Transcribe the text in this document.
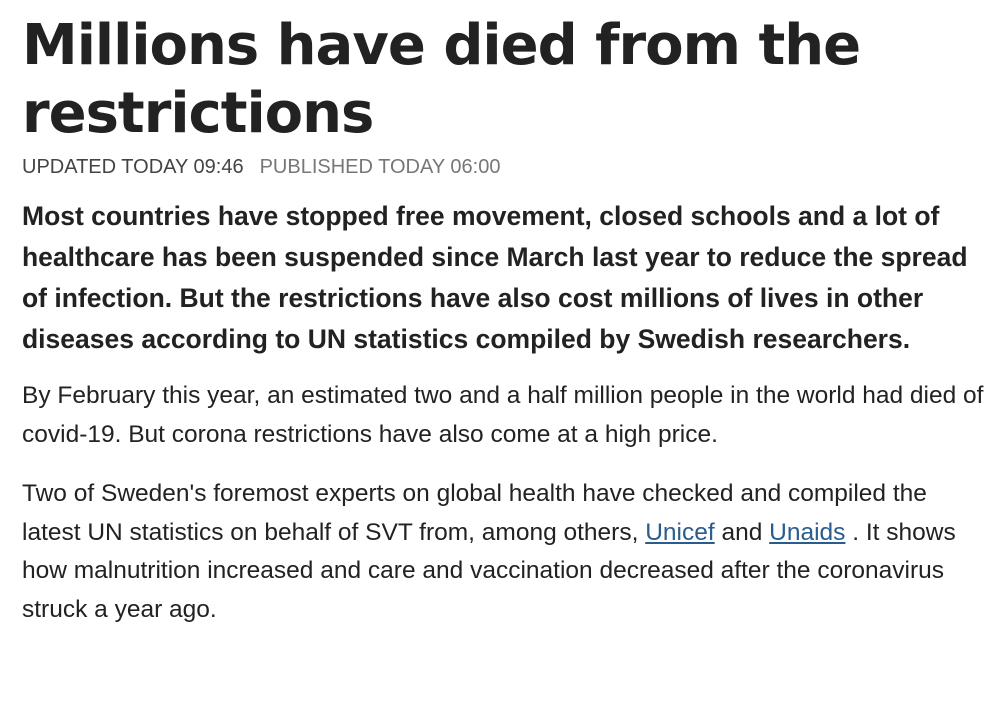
Millions have died from the restrictions
UPDATED TODAY 09:46 PUBLISHED TODAY 06:00

Most countries have stopped free movement, closed schools and a lot of healthcare has been suspended since March last year to reduce the spread of infection. But the restrictions have also cost millions of lives in other diseases according to UN statistics compiled by Swedish researchers.

By February this year, an estimated two and a half million people in the world had died of covid-19. But corona restrictions have also come at a high price.

Two of Sweden's foremost experts on global health have checked and compiled the latest UN statistics on behalf of SVT from, among others, Unicef and Unaids . It shows how malnutrition increased and care and vaccination decreased after the coronavirus struck a year ago.
